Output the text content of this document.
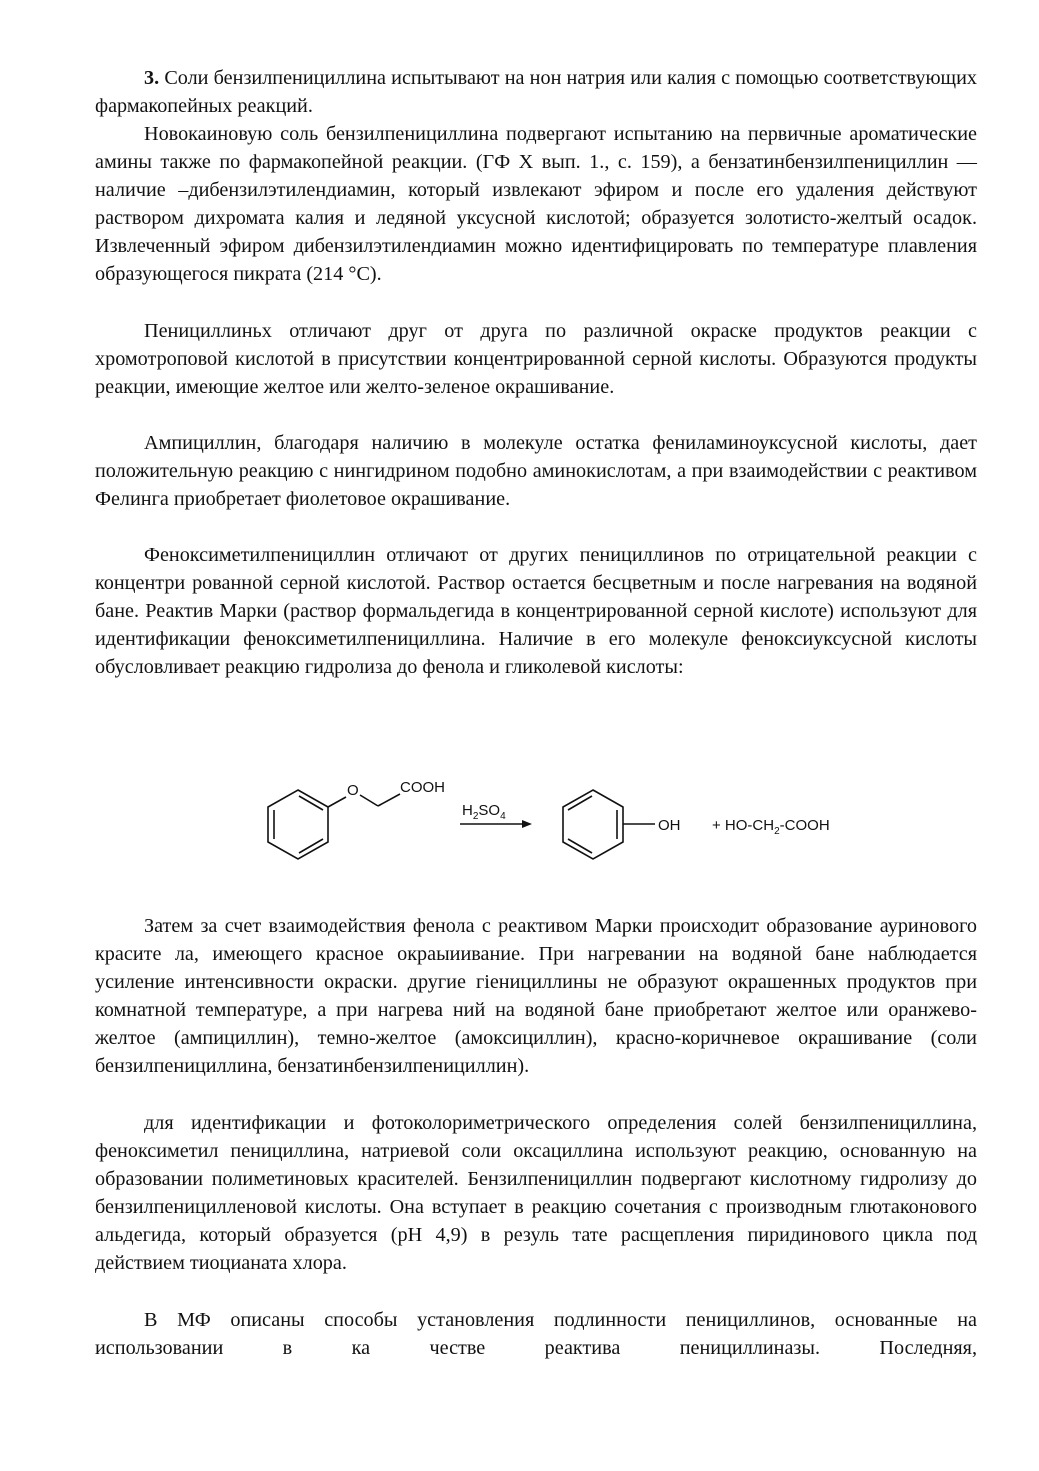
3. Соли бензилпенициллина испытывают на нон натрия или калия с помощью соответствующих фармакопейных реакций.

Новокаиновую соль бензилпенициллина подвергают испытанию на первичные ароматические амины также по фармакопейной реакции. (ГФ X вып. 1., с. 159), а бензатинбензилпенициллин — наличие –дибензилэтилендиамин, который извлекают эфиром и после его удаления действуют раствором дихромата калия и ледяной уксусной кислотой; образуется золотисто-желтый осадок. Извлеченный эфиром дибензилэтилендиамин можно идентифицировать по температуре плавления образующегося пикрата (214 °С).

Пенициллиньх отличают друг от друга по различной окраске продуктов реакции с хромотроповой кислотой в присутствии концентрированной серной кислоты. Образуются продукты реакции, имеющие желтое или желто-зеленое окрашивание.

Ампициллин, благодаря наличию в молекуле остатка фениламиноуксусной кислоты, дает положительную реакцию с нингидрином подобно аминокислотам, а при взаимодействии с реактивом Фелинга приобретает фиолетовое окрашивание.

Феноксиметилпенициллин отличают от других пенициллинов по отрицательной реакции с концентри рованной серной кислотой. Раствор остается бесцветным и после нагревания на водяной бане. Реактив Марки (раствор формальдегида в концентрированной серной кислоте) используют для идентификации феноксиметилпенициллина. Наличие в его молекуле феноксиуксусной кислоты обусловливает реакцию гидролиза до фенола и гликолевой кислоты:

O	COOH
$H_2SO_4$
OH + $HO-CH_2$-COOH

Затем за счет взаимодействия фенола с реактивом Марки происходит образование ауринового красите ла, имеющего красное окраыиивание. При нагревании на водяной бане наблюдается усиление интенсивности окраски. другие гіенициллины не образуют окрашенных продуктов при комнатной температуре, а при нагрева ний на водяной бане приобретают желтое или оранжево-желтое (ампициллин), темно-желтое (амоксициллин), красно-коричневое окрашивание (соли бензилпенициллина, бензатинбензилпенициллин).

для идентификации и фотоколориметрического определения солей бензилпенициллина, феноксиметил пенициллина, натриевой соли оксациллина используют реакцию, основанную на образовании полиметиновых красителей. Бензилпенициллин подвергают кислотному гидролизу до бензилпеницилленовой кислоты. Она вступает в реакцию сочетания с производным глютаконового альдегида, который образуется (рН 4,9) в резуль тате расщепления пиридинового цикла под действием тиоцианата хлора.

В МФ описаны способы установления подлинности пенициллинов, основанные на использовании в ка честве реактива пенициллиназы. Последняя,
